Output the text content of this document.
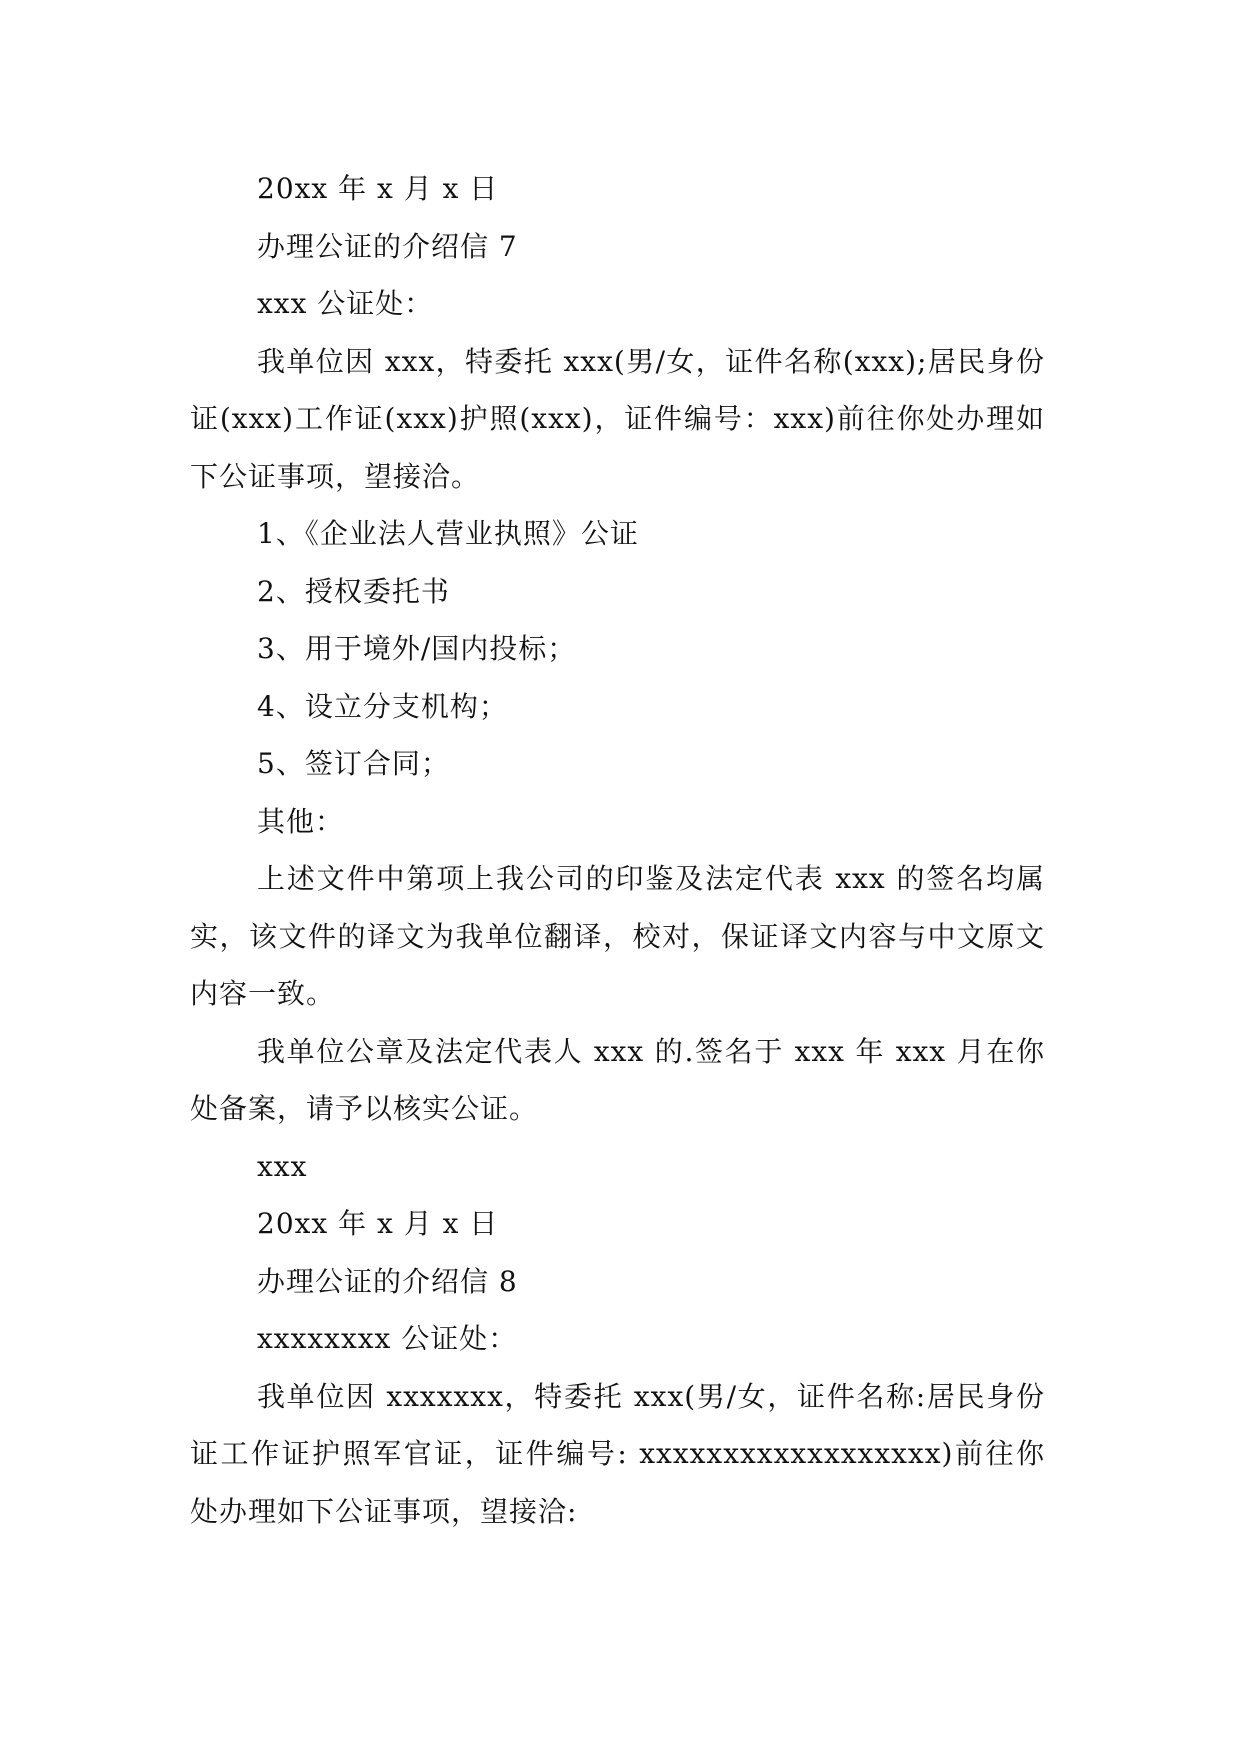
20xx 年 x 月 x 日

办理公证的介绍信 7

xxx 公证处：

我单位因 xxx，特委托 xxx(男/女，证件名称(xxx);居民身份证(xxx)工作证(xxx)护照(xxx)，证件编号：xxx)前往你处办理如下公证事项，望接洽。

1、《企业法人营业执照》公证

2、授权委托书

3、用于境外/国内投标；

4、设立分支机构；

5、签订合同；

其他：

上述文件中第项上我公司的印鉴及法定代表 xxx 的签名均属实，该文件的译文为我单位翻译，校对，保证译文内容与中文原文内容一致。

我单位公章及法定代表人 xxx 的.签名于 xxx 年 xxx 月在你处备案，请予以核实公证。

xxx

20xx 年 x 月 x 日

办理公证的介绍信 8

xxxxxxxx 公证处：

我单位因 xxxxxxx，特委托 xxx(男/女，证件名称:居民身份证工作证护照军官证，证件编号: xxxxxxxxxxxxxxxxxx)前往你处办理如下公证事项，望接洽:
